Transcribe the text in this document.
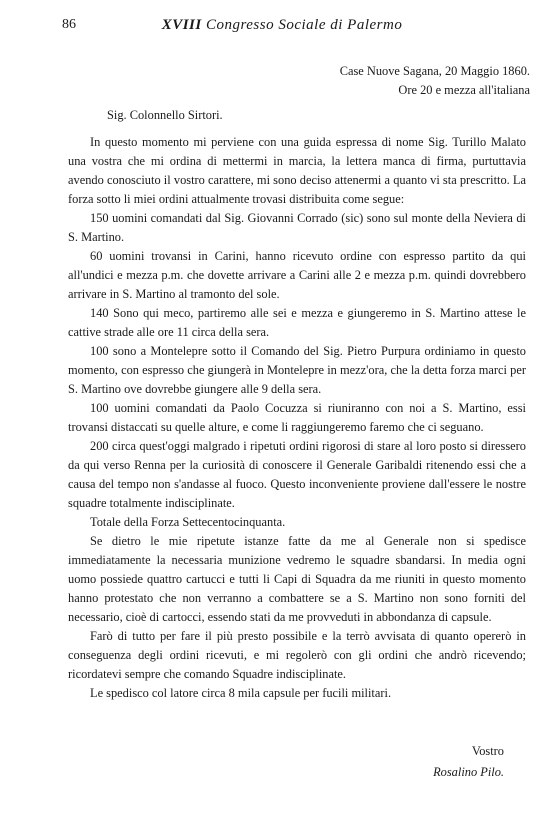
86	XVIII Congresso Sociale di Palermo
Case Nuove Sagana, 20 Maggio 1860.
Ore 20 e mezza all'italiana
Sig. Colonnello Sirtori.

In questo momento mi perviene con una guida espressa di nome Sig. Turillo Malato una vostra che mi ordina di mettermi in marcia, la lettera manca di firma, purtuttavia avendo conosciuto il vostro carattere, mi sono deciso attenermi a quanto vi sta prescritto. La forza sotto li miei ordini attualmente trovasi distribuita come segue:

150 uomini comandati dal Sig. Giovanni Corrado (sic) sono sul monte della Neviera di S. Martino.

60 uomini trovansi in Carini, hanno ricevuto ordine con espresso partito da qui all'undici e mezza p.m. che dovette arrivare a Carini alle 2 e mezza p.m. quindi dovrebbero arrivare in S. Martino al tramonto del sole.

140 Sono qui meco, partiremo alle sei e mezza e giungeremo in S. Martino attese le cattive strade alle ore 11 circa della sera.

100 sono a Montelepre sotto il Comando del Sig. Pietro Purpura ordiniamo in questo momento, con espresso che giungerà in Montelepre in mezz'ora, che la detta forza marci per S. Martino ove dovrebbe giungere alle 9 della sera.

100 uomini comandati da Paolo Cocuzza si riuniranno con noi a S. Martino, essi trovansi distaccati su quelle alture, e come li raggiungeremo faremo che ci seguano.

200 circa quest'oggi malgrado i ripetuti ordini rigorosi di stare al loro posto si diressero da qui verso Renna per la curiosità di conoscere il Generale Garibaldi ritenendo essi che a causa del tempo non s'andasse al fuoco. Questo inconveniente proviene dall'essere le nostre squadre totalmente indisciplinate.

Totale della Forza Settecentocinquanta.

Se dietro le mie ripetute istanze fatte da me al Generale non si spedisce immediatamente la necessaria munizione vedremo le squadre sbandarsi. In media ogni uomo possiede quattro cartucci e tutti li Capi di Squadra da me riuniti in questo momento hanno protestato che non verranno a combattere se a S. Martino non sono forniti del necessario, cioè di cartocci, essendo stati da me provveduti in abbondanza di capsule.

Farò di tutto per fare il più presto possibile e la terrò avvisata di quanto opererò in conseguenza degli ordini ricevuti, e mi regolerò con gli ordini che andrò ricevendo; ricordatevi sempre che comando Squadre indisciplinate.

Le spedisco col latore circa 8 mila capsule per fucili militari.

Vostro
Rosalino Pilo.
